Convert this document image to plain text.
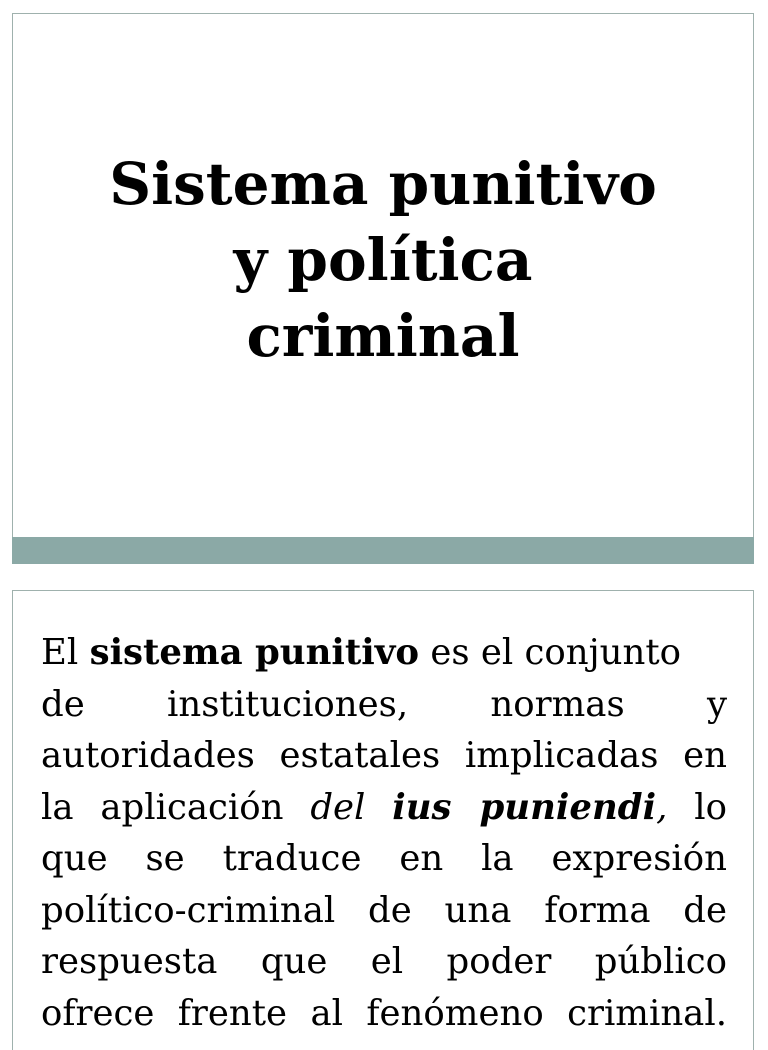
Sistema punitivo
y política
criminal
El sistema punitivo es el conjunto
de instituciones, normas y
autoridades estatales implicadas en
la aplicación del ius puniendi, lo
que se traduce en la expresión
político-criminal de una forma de
respuesta que el poder público
ofrece frente al fenómeno criminal.
